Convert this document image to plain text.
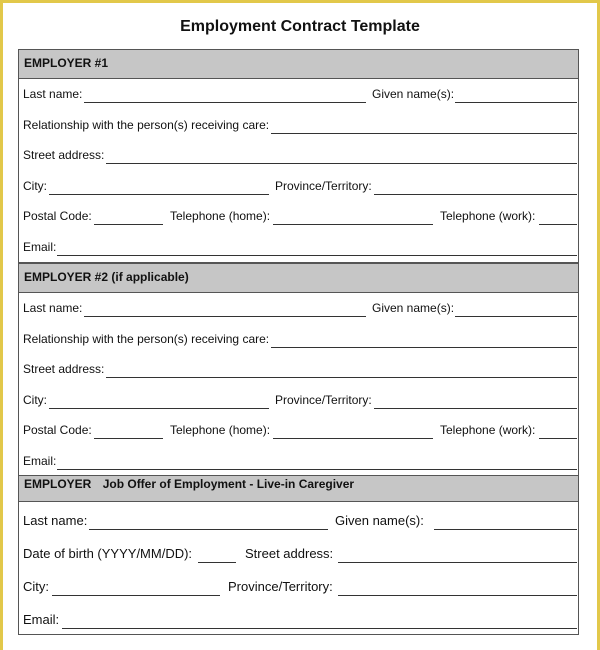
Employment Contract Template
EMPLOYER #1
Last name:	Given name(s):
Relationship with the person(s) receiving care:
Street address:
City:	Province/Territory:
Postal Code:	Telephone (home):	Telephone (work):
Email:
EMPLOYER #2 (if applicable)
Last name:	Given name(s):
Relationship with the person(s) receiving care:
Street address:
City:	Province/Territory:
Postal Code:	Telephone (home):	Telephone (work):
Email:
EMPLOYER Job Offer of Employment - Live-in Caregiver
Last name:	Given name(s):
Date of birth (YYYY/MM/DD):	Street address:
City:	Province/Territory:
Email:
